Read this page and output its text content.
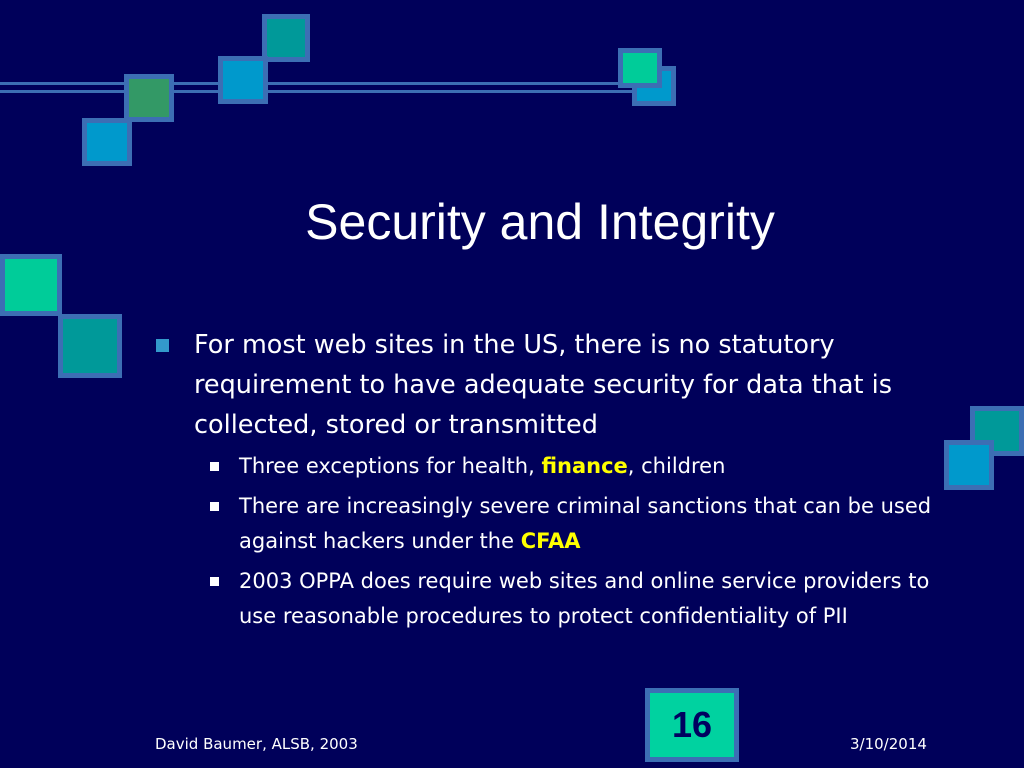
Security and Integrity
For most web sites in the US, there is no statutory requirement to have adequate security for data that is collected, stored or transmitted
Three exceptions for health, finance, children
There are increasingly severe criminal sanctions that can be used against hackers under the CFAA
2003 OPPA does require web sites and online service providers to use reasonable procedures to protect confidentiality of PII
David Baumer, ALSB, 2003	16	3/10/2014
